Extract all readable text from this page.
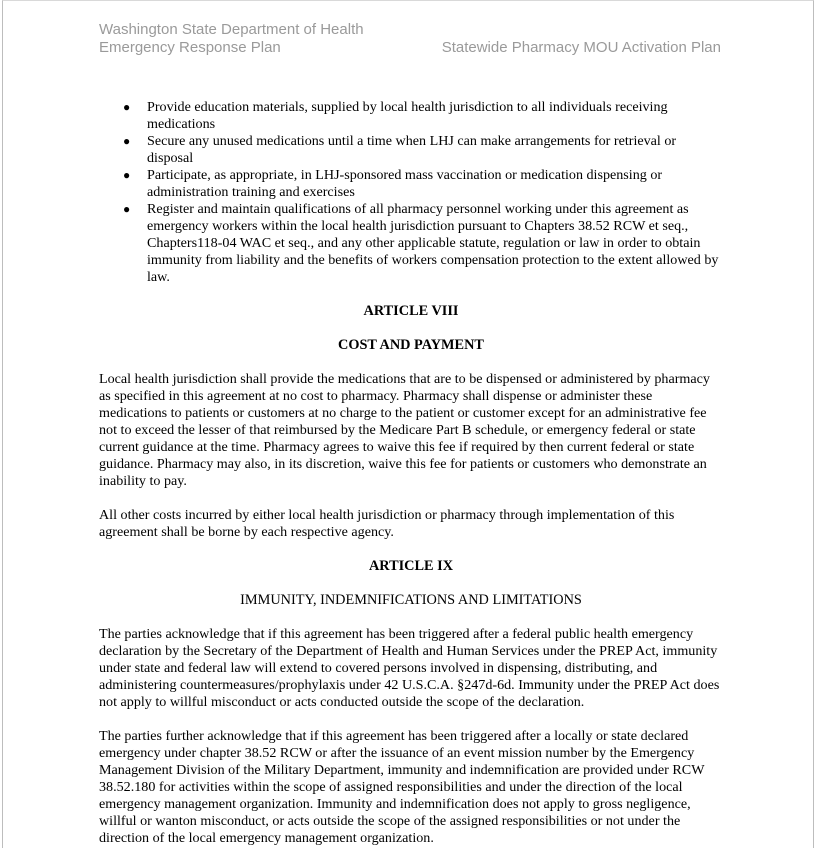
Washington State Department of Health
Emergency Response Plan	Statewide Pharmacy MOU Activation Plan
● Provide education materials, supplied by local health jurisdiction to all individuals receiving medications
● Secure any unused medications until a time when LHJ can make arrangements for retrieval or disposal
● Participate, as appropriate, in LHJ-sponsored mass vaccination or medication dispensing or administration training and exercises
● Register and maintain qualifications of all pharmacy personnel working under this agreement as emergency workers within the local health jurisdiction pursuant to Chapters 38.52 RCW et seq., Chapters118-04 WAC et seq., and any other applicable statute, regulation or law in order to obtain immunity from liability and the benefits of workers compensation protection to the extent allowed by law.
ARTICLE VIII
COST AND PAYMENT

Local health jurisdiction shall provide the medications that are to be dispensed or administered by pharmacy as specified in this agreement at no cost to pharmacy. Pharmacy shall dispense or administer these medications to patients or customers at no charge to the patient or customer except for an administrative fee not to exceed the lesser of that reimbursed by the Medicare Part B schedule, or emergency federal or state current guidance at the time. Pharmacy agrees to waive this fee if required by then current federal or state guidance. Pharmacy may also, in its discretion, waive this fee for patients or customers who demonstrate an inability to pay.

All other costs incurred by either local health jurisdiction or pharmacy through implementation of this agreement shall be borne by each respective agency.

ARTICLE IX
IMMUNITY, INDEMNIFICATIONS AND LIMITATIONS

The parties acknowledge that if this agreement has been triggered after a federal public health emergency declaration by the Secretary of the Department of Health and Human Services under the PREP Act, immunity under state and federal law will extend to covered persons involved in dispensing, distributing, and administering countermeasures/prophylaxis under 42 U.S.C.A. §247d-6d. Immunity under the PREP Act does not apply to willful misconduct or acts conducted outside the scope of the declaration.

The parties further acknowledge that if this agreement has been triggered after a locally or state declared emergency under chapter 38.52 RCW or after the issuance of an event mission number by the Emergency Management Division of the Military Department, immunity and indemnification are provided under RCW 38.52.180 for activities within the scope of assigned responsibilities and under the direction of the local emergency management organization. Immunity and indemnification does not apply to gross negligence, willful or wanton misconduct, or acts outside the scope of the assigned responsibilities or not under the direction of the local emergency management organization.
